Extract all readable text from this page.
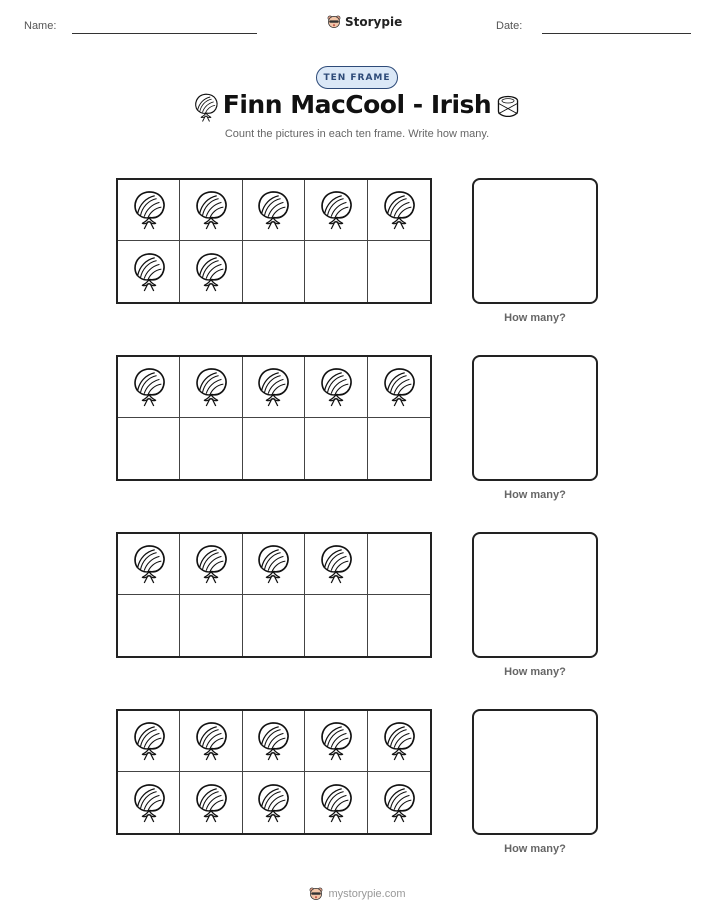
Name:	Storypie	Date:
TEN FRAME
Finn MacCool - Irish
Count the pictures in each ten frame. Write how many.
How many?
How many?
How many?
How many?
mystorypie.com
